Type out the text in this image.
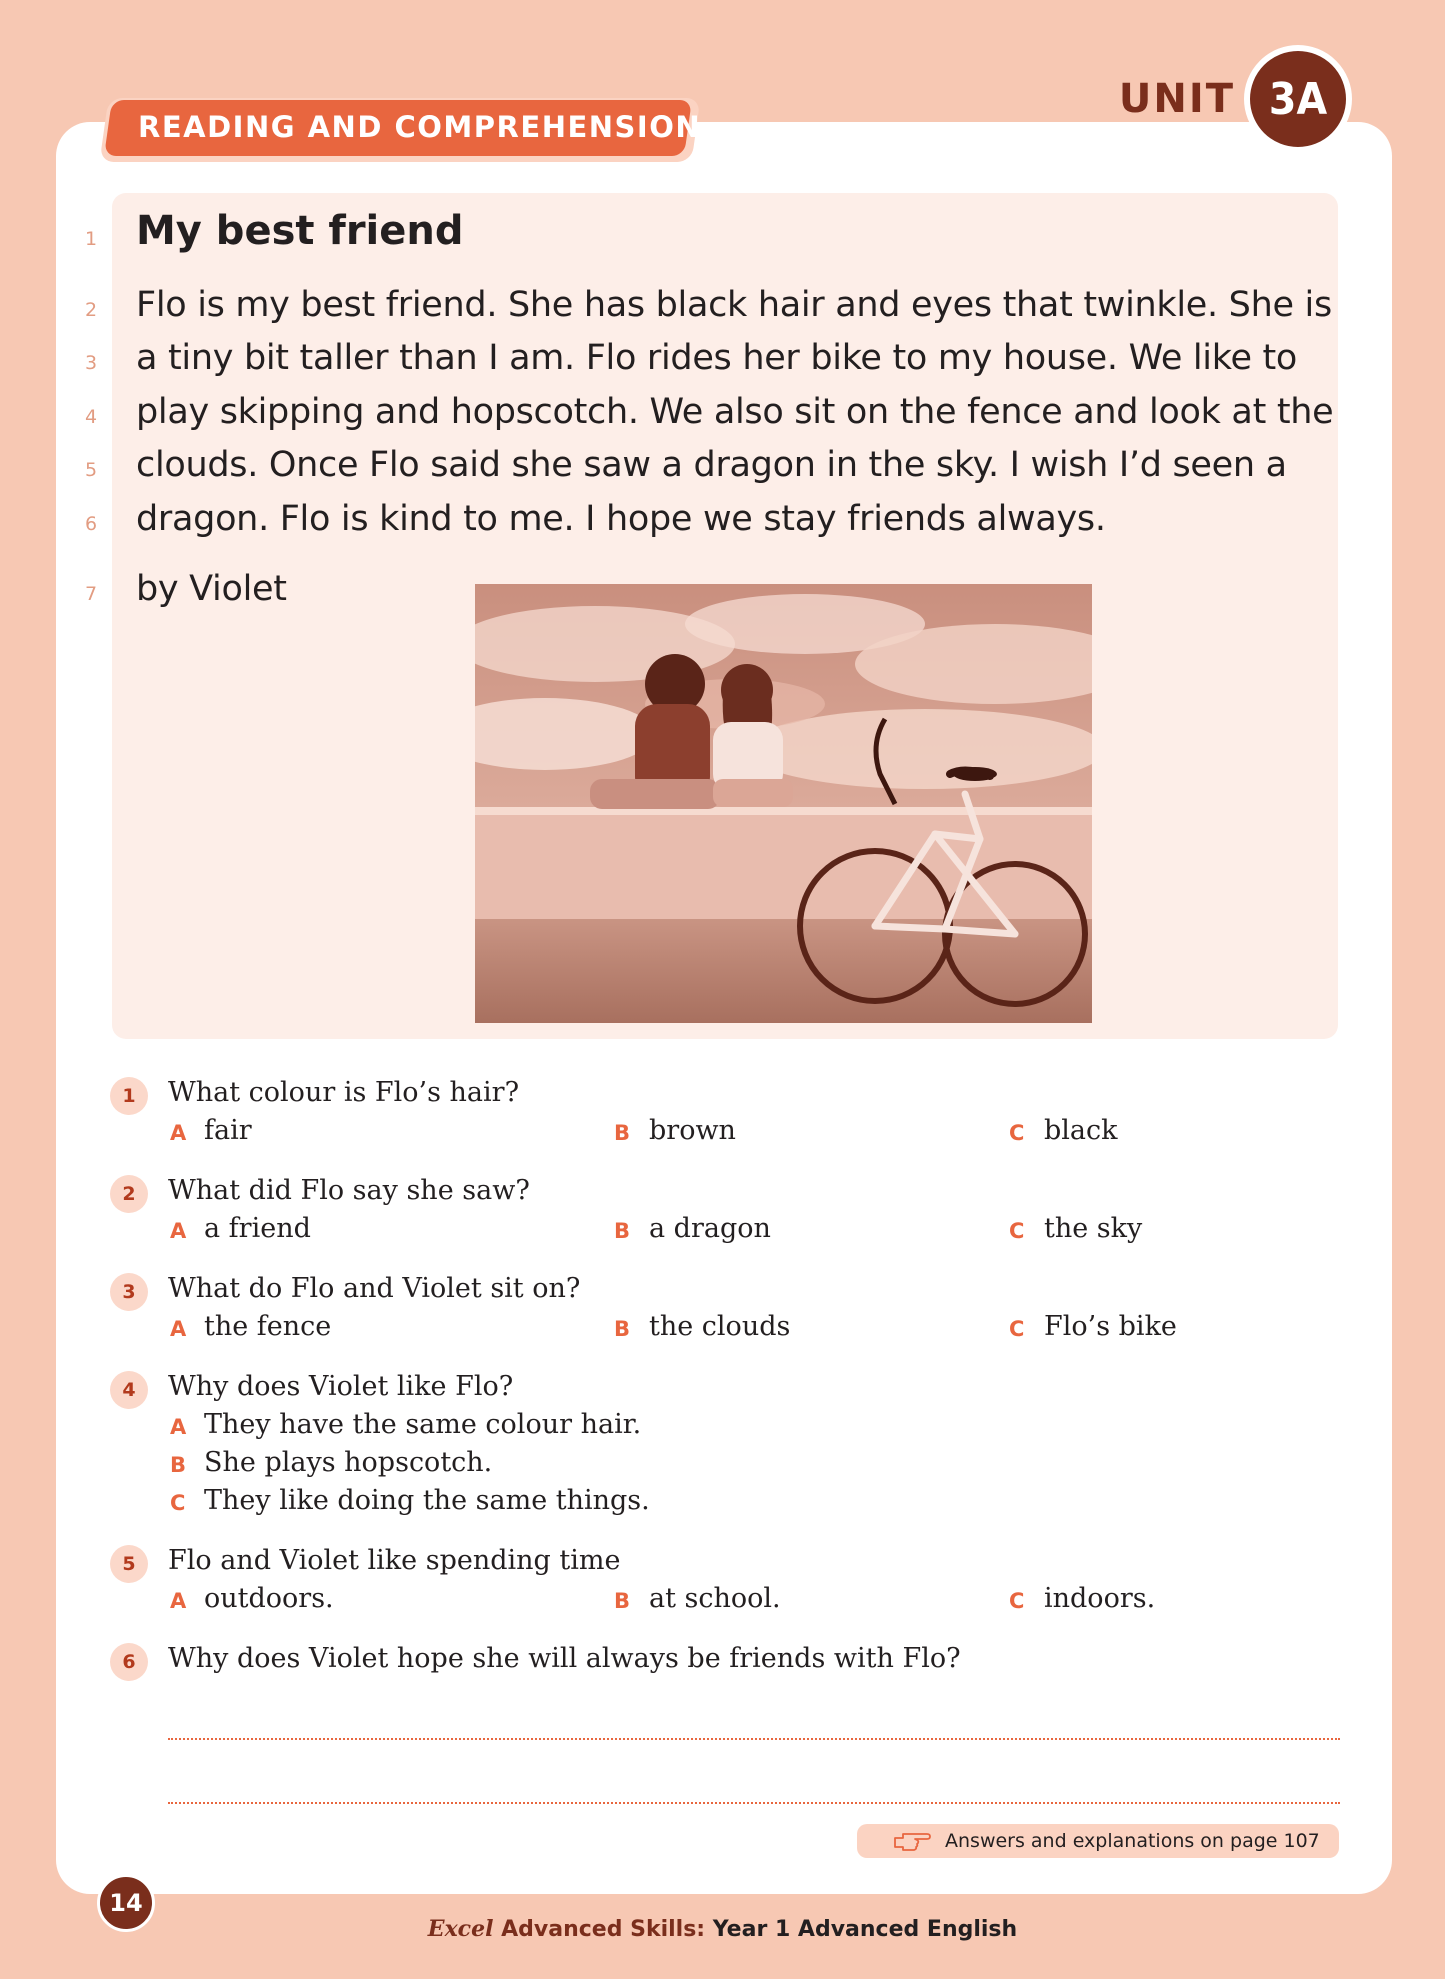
UNIT 3A
READING AND COMPREHENSION
1
2
3
4
5
6
7
My best friend
Flo is my best friend. She has black hair and eyes that twinkle. She is
a tiny bit taller than I am. Flo rides her bike to my house. We like to
play skipping and hopscotch. We also sit on the fence and look at the
clouds. Once Flo said she saw a dragon in the sky. I wish I’d seen a
dragon. Flo is kind to me. I hope we stay friends always.
by Violet
1	What colour is Flo’s hair?
A fair	B brown	C black
2	What did Flo say she saw?
A a friend	B a dragon	C the sky
3	What do Flo and Violet sit on?
A the fence	B the clouds	C Flo’s bike
4	Why does Violet like Flo?
A They have the same colour hair.
B She plays hopscotch.
C They like doing the same things.
5	Flo and Violet like spending time
A outdoors.	B at school.	C indoors.
6	Why does Violet hope she will always be friends with Flo?
Answers and explanations on page 107
14
Excel Advanced Skills: Year 1 Advanced English
